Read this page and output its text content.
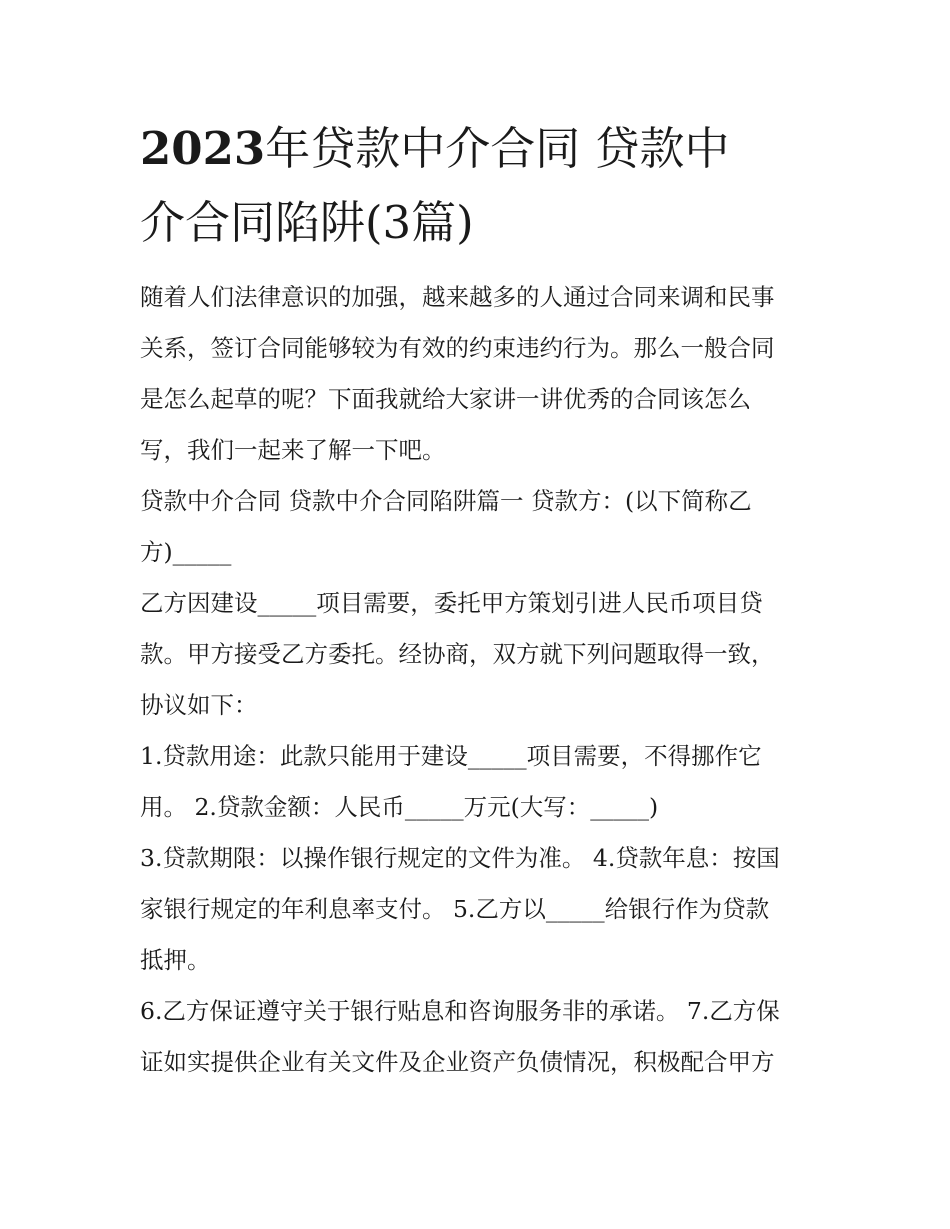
2023年贷款中介合同 贷款中
介合同陷阱(3篇)
随着人们法律意识的加强，越来越多的人通过合同来调和民事
关系，签订合同能够较为有效的约束违约行为。那么一般合同
是怎么起草的呢？下面我就给大家讲一讲优秀的合同该怎么
写，我们一起来了解一下吧。
贷款中介合同 贷款中介合同陷阱篇一 贷款方：(以下简称乙
方)_____
乙方因建设_____项目需要，委托甲方策划引进人民币项目贷
款。甲方接受乙方委托。经协商，双方就下列问题取得一致，
协议如下：
1.贷款用途：此款只能用于建设_____项目需要，不得挪作它
用。 2.贷款金额：人民币_____万元(大写：_____)
3.贷款期限：以操作银行规定的文件为准。 4.贷款年息：按国
家银行规定的年利息率支付。 5.乙方以_____给银行作为贷款
抵押。
6.乙方保证遵守关于银行贴息和咨询服务非的承诺。 7.乙方保
证如实提供企业有关文件及企业资产负债情况，积极配合甲方
